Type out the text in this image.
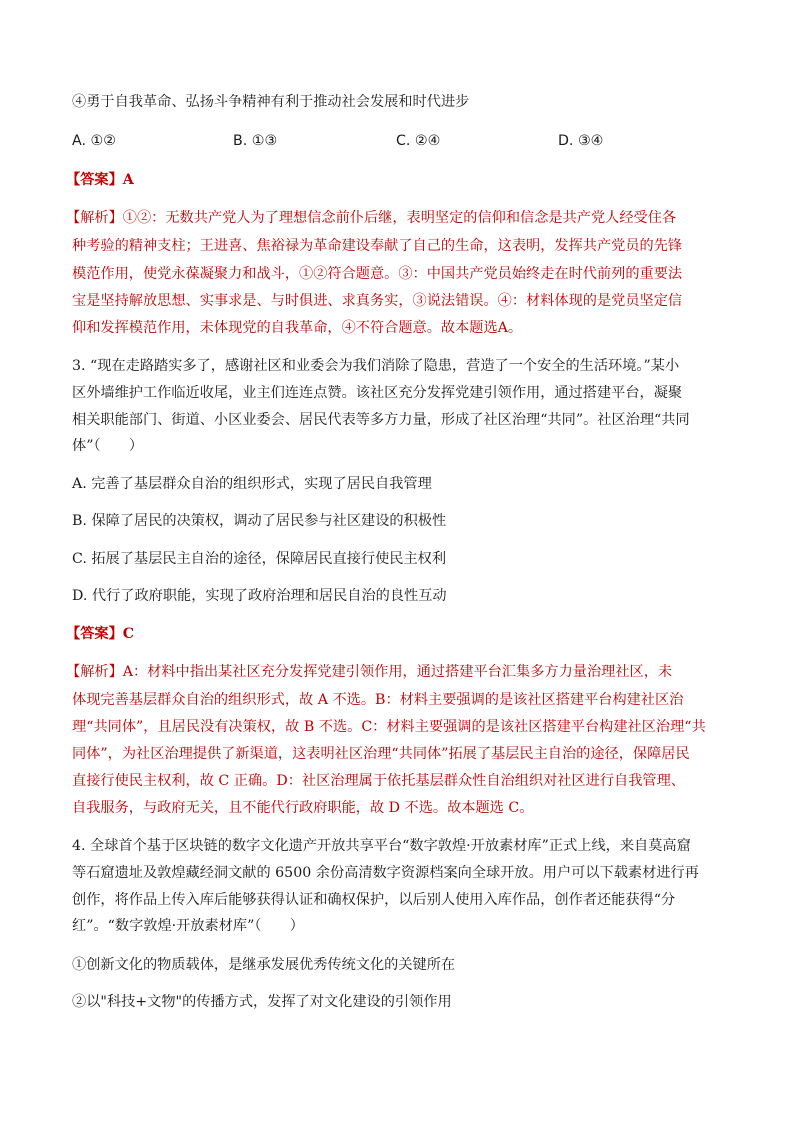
④勇于自我革命、弘扬斗争精神有利于推动社会发展和时代进步
A. ①②	B. ①③	C. ②④	D. ③④
【答案】A
【解析】①②：无数共产党人为了理想信念前仆后继，表明坚定的信仰和信念是共产党人经受住各
种考验的精神支柱；王进喜、焦裕禄为革命建设奉献了自己的生命，这表明，发挥共产党员的先锋
模范作用，使党永葆凝聚力和战斗，①②符合题意。③：中国共产党员始终走在时代前列的重要法
宝是坚持解放思想、实事求是、与时俱进、求真务实，③说法错误。④：材料体现的是党员坚定信
仰和发挥模范作用，未体现党的自我革命，④不符合题意。故本题选A。
3. “现在走路踏实多了，感谢社区和业委会为我们消除了隐患，营造了一个安全的生活环境。”某小
区外墙维护工作临近收尾，业主们连连点赞。该社区充分发挥党建引领作用，通过搭建平台，凝聚
相关职能部门、街道、小区业委会、居民代表等多方力量，形成了社区治理“共同”。社区治理“共同
体”（　　）
A. 完善了基层群众自治的组织形式，实现了居民自我管理
B. 保障了居民的决策权，调动了居民参与社区建设的积极性
C. 拓展了基层民主自治的途径，保障居民直接行使民主权利
D. 代行了政府职能，实现了政府治理和居民自治的良性互动
【答案】C
【解析】A：材料中指出某社区充分发挥党建引领作用，通过搭建平台汇集多方力量治理社区，未
体现完善基层群众自治的组织形式，故 A 不选。B：材料主要强调的是该社区搭建平台构建社区治
理“共同体”，且居民没有决策权，故 B 不选。C：材料主要强调的是该社区搭建平台构建社区治理“共
同体”，为社区治理提供了新渠道，这表明社区治理“共同体”拓展了基层民主自治的途径，保障居民
直接行使民主权利，故 C 正确。D：社区治理属于依托基层群众性自治组织对社区进行自我管理、
自我服务，与政府无关，且不能代行政府职能，故 D 不选。故本题选 C。
4. 全球首个基于区块链的数字文化遗产开放共享平台“数字敦煌·开放素材库”正式上线，来自莫高窟
等石窟遗址及敦煌藏经洞文献的 6500 余份高清数字资源档案向全球开放。用户可以下载素材进行再
创作，将作品上传入库后能够获得认证和确权保护，以后别人使用入库作品，创作者还能获得“分
红”。“数字敦煌·开放素材库”（　　）
①创新文化的物质载体，是继承发展优秀传统文化的关键所在
②以"科技+文物"的传播方式，发挥了对文化建设的引领作用
